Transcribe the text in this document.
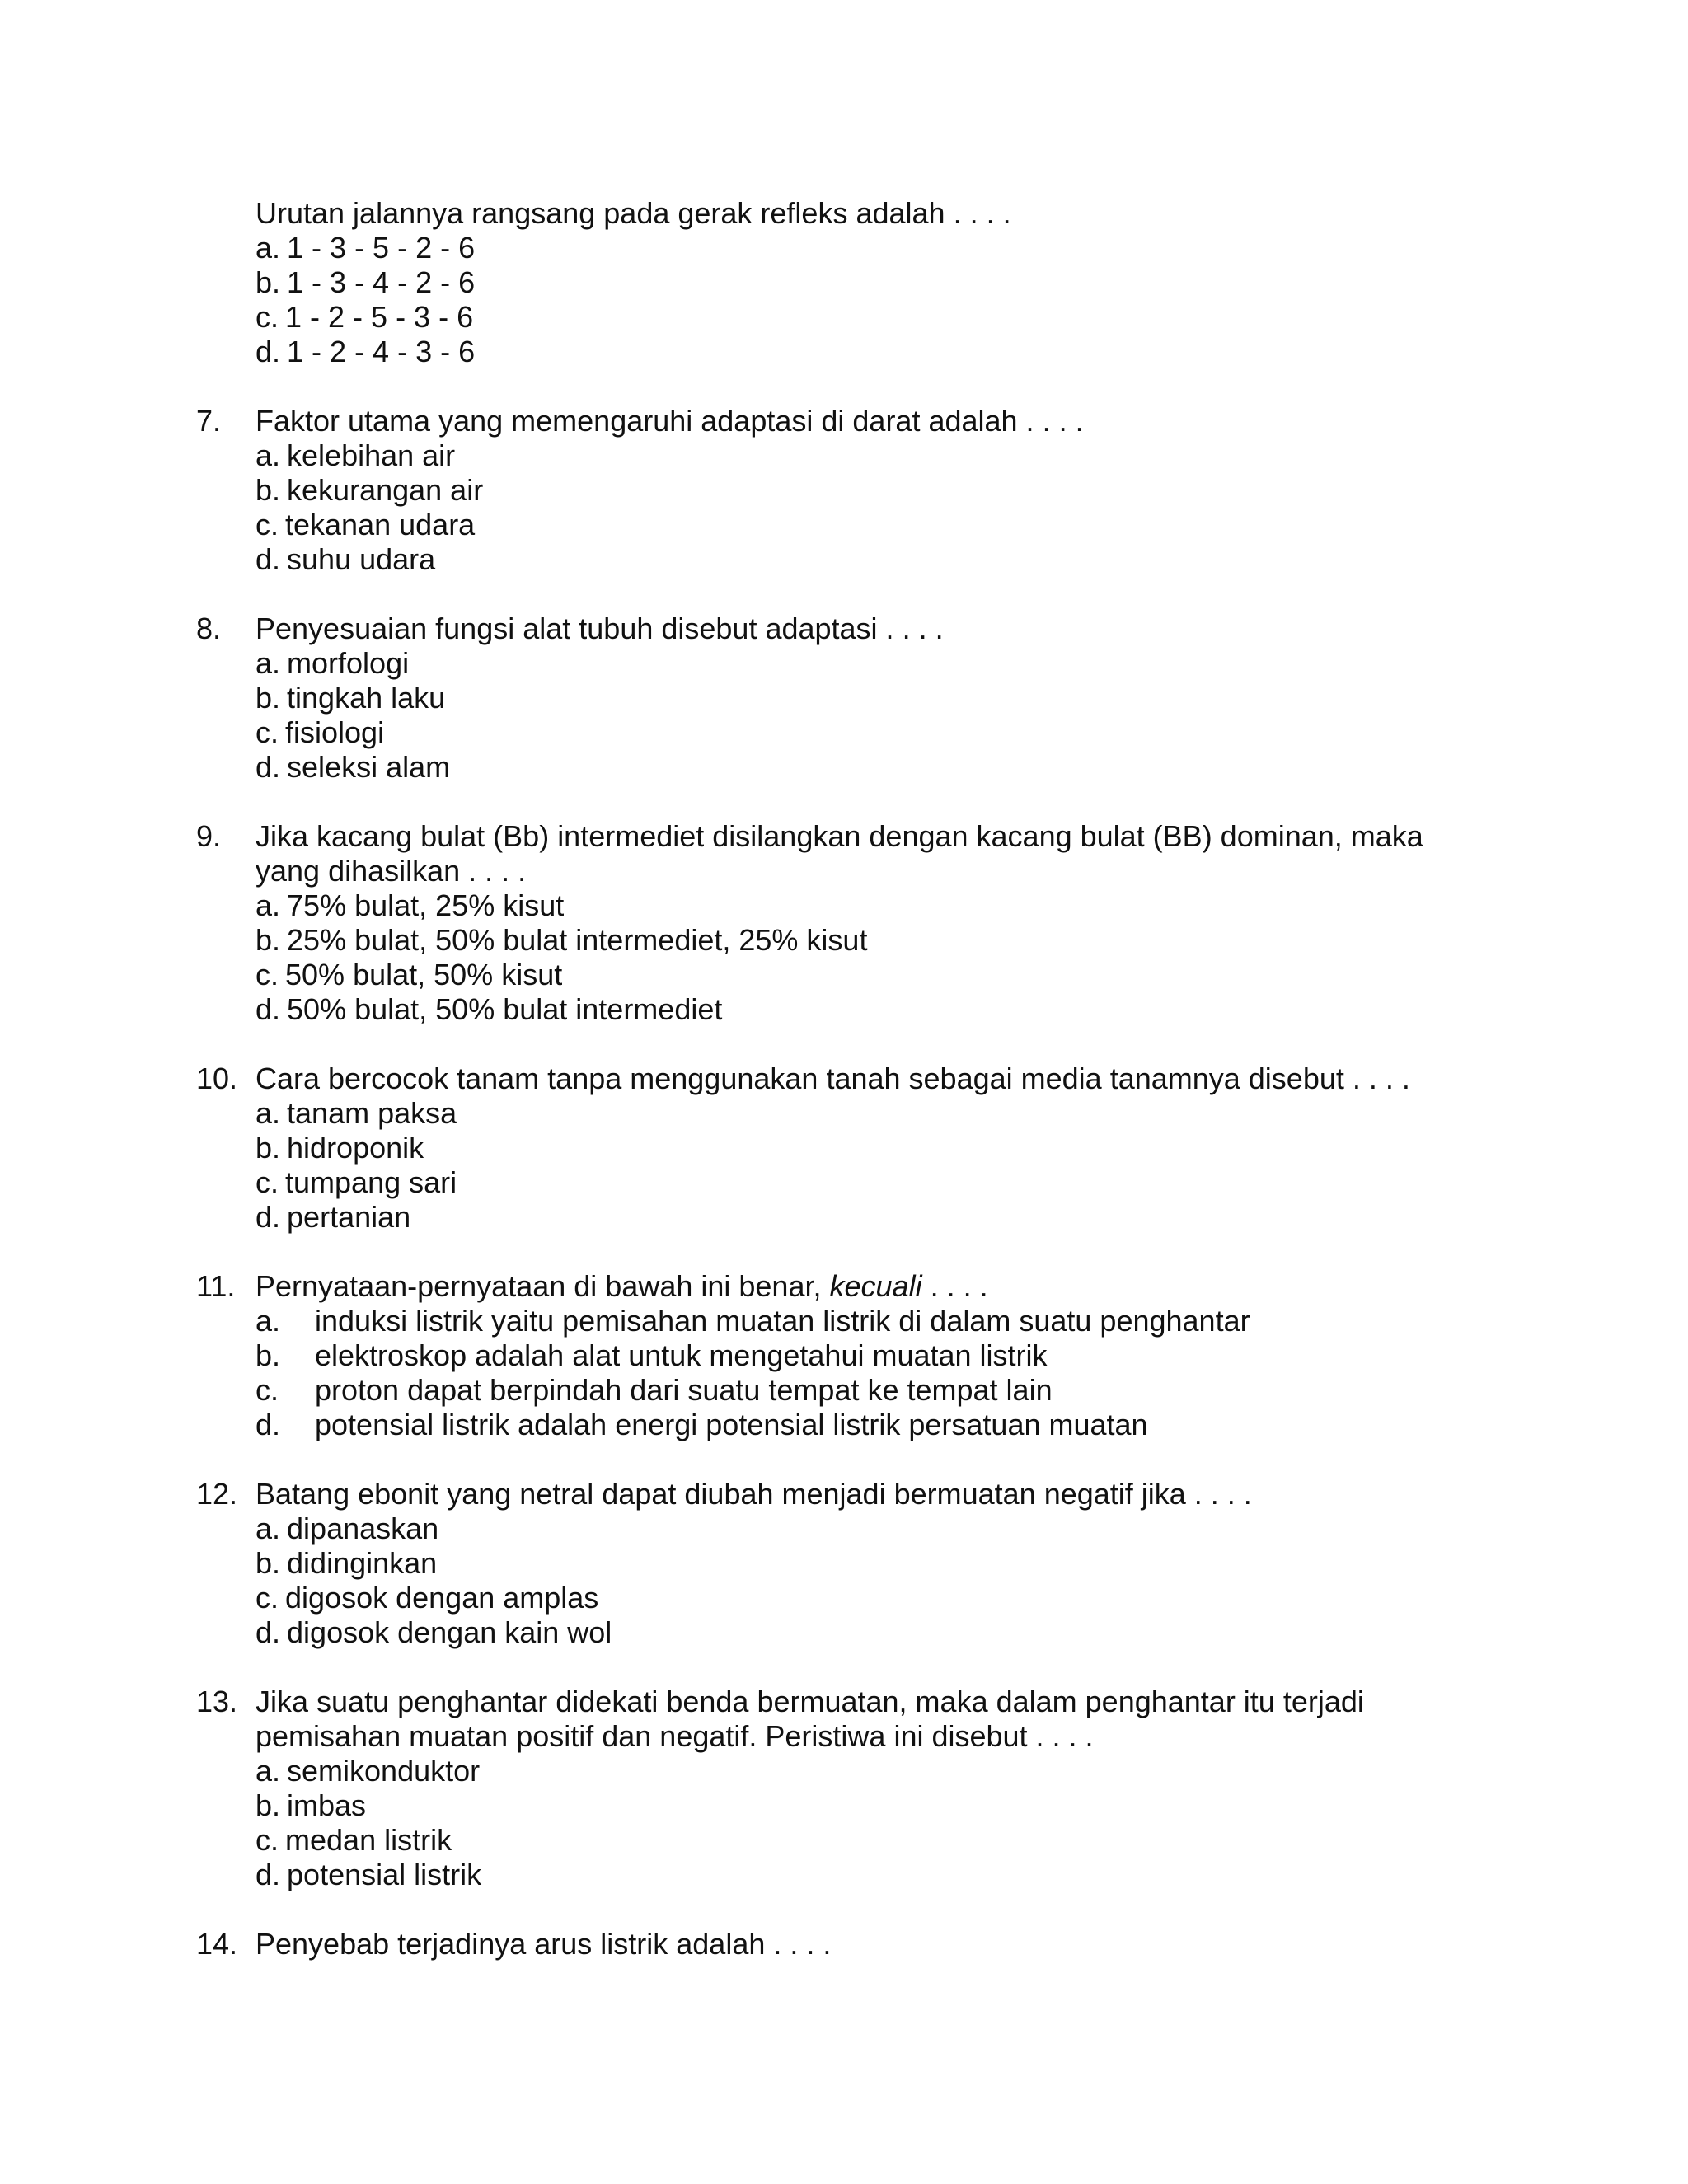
Urutan jalannya rangsang pada gerak refleks adalah . . . .
a. 1 - 3 - 5 - 2 - 6
b. 1 - 3 - 4 - 2 - 6
c. 1 - 2 - 5 - 3 - 6
d. 1 - 2 - 4 - 3 - 6
7.	Faktor utama yang memengaruhi adaptasi di darat adalah . . . .
a. kelebihan air
b. kekurangan air
c. tekanan udara
d. suhu udara
8.	Penyesuaian fungsi alat tubuh disebut adaptasi . . . .
a. morfologi
b. tingkah laku
c. fisiologi
d. seleksi alam
9.	Jika kacang bulat (Bb) intermediet disilangkan dengan kacang bulat (BB) dominan, maka yang dihasilkan . . . .
a. 75% bulat, 25% kisut
b. 25% bulat, 50% bulat intermediet, 25% kisut
c. 50% bulat, 50% kisut
d. 50% bulat, 50% bulat intermediet
10. Cara bercocok tanam tanpa menggunakan tanah sebagai media tanamnya disebut . . . .
a. tanam paksa
b. hidroponik
c. tumpang sari
d. pertanian
11. Pernyataan-pernyataan di bawah ini benar, kecuali . . . .
a. induksi listrik yaitu pemisahan muatan listrik di dalam suatu penghantar
b. elektroskop adalah alat untuk mengetahui muatan listrik
c. proton dapat berpindah dari suatu tempat ke tempat lain
d. potensial listrik adalah energi potensial listrik persatuan muatan
12. Batang ebonit yang netral dapat diubah menjadi bermuatan negatif jika . . . .
a. dipanaskan
b. didinginkan
c. digosok dengan amplas
d. digosok dengan kain wol
13. Jika suatu penghantar didekati benda bermuatan, maka dalam penghantar itu terjadi pemisahan muatan positif dan negatif. Peristiwa ini disebut . . . .
a. semikonduktor
b. imbas
c. medan listrik
d. potensial listrik
14. Penyebab terjadinya arus listrik adalah . . . .
